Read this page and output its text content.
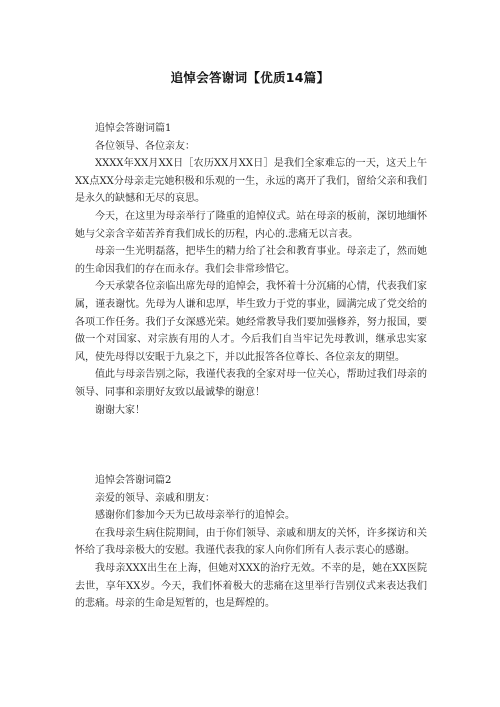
追悼会答谢词【优质14篇】

追悼会答谢词篇1

各位领导、各位亲友：

XXXX年XX月XX日［农历XX月XX日］是我们全家难忘的一天，这天上午XX点XX分母亲走完她积极和乐观的一生，永远的离开了我们，留给父亲和我们是永久的缺憾和无尽的哀思。

今天，在这里为母亲举行了隆重的追悼仪式。站在母亲的板前，深切地缅怀她与父亲含辛茹苦养育我们成长的历程，内心的.悲痛无以言表。

母亲一生光明磊落，把毕生的精力给了社会和教育事业。母亲走了，然而她的生命因我们的存在而永存。我们会非常珍惜它。

今天承蒙各位亲临出席先母的追悼会，我怀着十分沉痛的心情，代表我们家属，谨表谢忱。先母为人谦和忠厚，毕生致力于党的事业，圆满完成了党交给的各项工作任务。我们子女深感光荣。她经常教导我们要加强修养，努力报国，要做一个对国家、对宗族有用的人才。今后我们自当牢记先母教训，继承忠实家风，使先母得以安眠于九泉之下，并以此报答各位尊长、各位亲友的期望。

值此与母亲告别之际，我谨代表我的全家对母一位关心，帮助过我们母亲的领导、同事和亲朋好友致以最诚挚的谢意！

谢谢大家！

追悼会答谢词篇2

亲爱的领导、亲戚和朋友：

感谢你们参加今天为已故母亲举行的追悼会。

在我母亲生病住院期间，由于你们领导、亲戚和朋友的关怀，许多探访和关怀给了我母亲极大的安慰。我谨代表我的家人向你们所有人表示衷心的感谢。

我母亲XXX出生在上海，但她对XXX的治疗无效。不幸的是，她在XX医院去世，享年XX岁。今天，我们怀着极大的悲痛在这里举行告别仪式来表达我们的悲痛。母亲的生命是短暂的，也是辉煌的。
